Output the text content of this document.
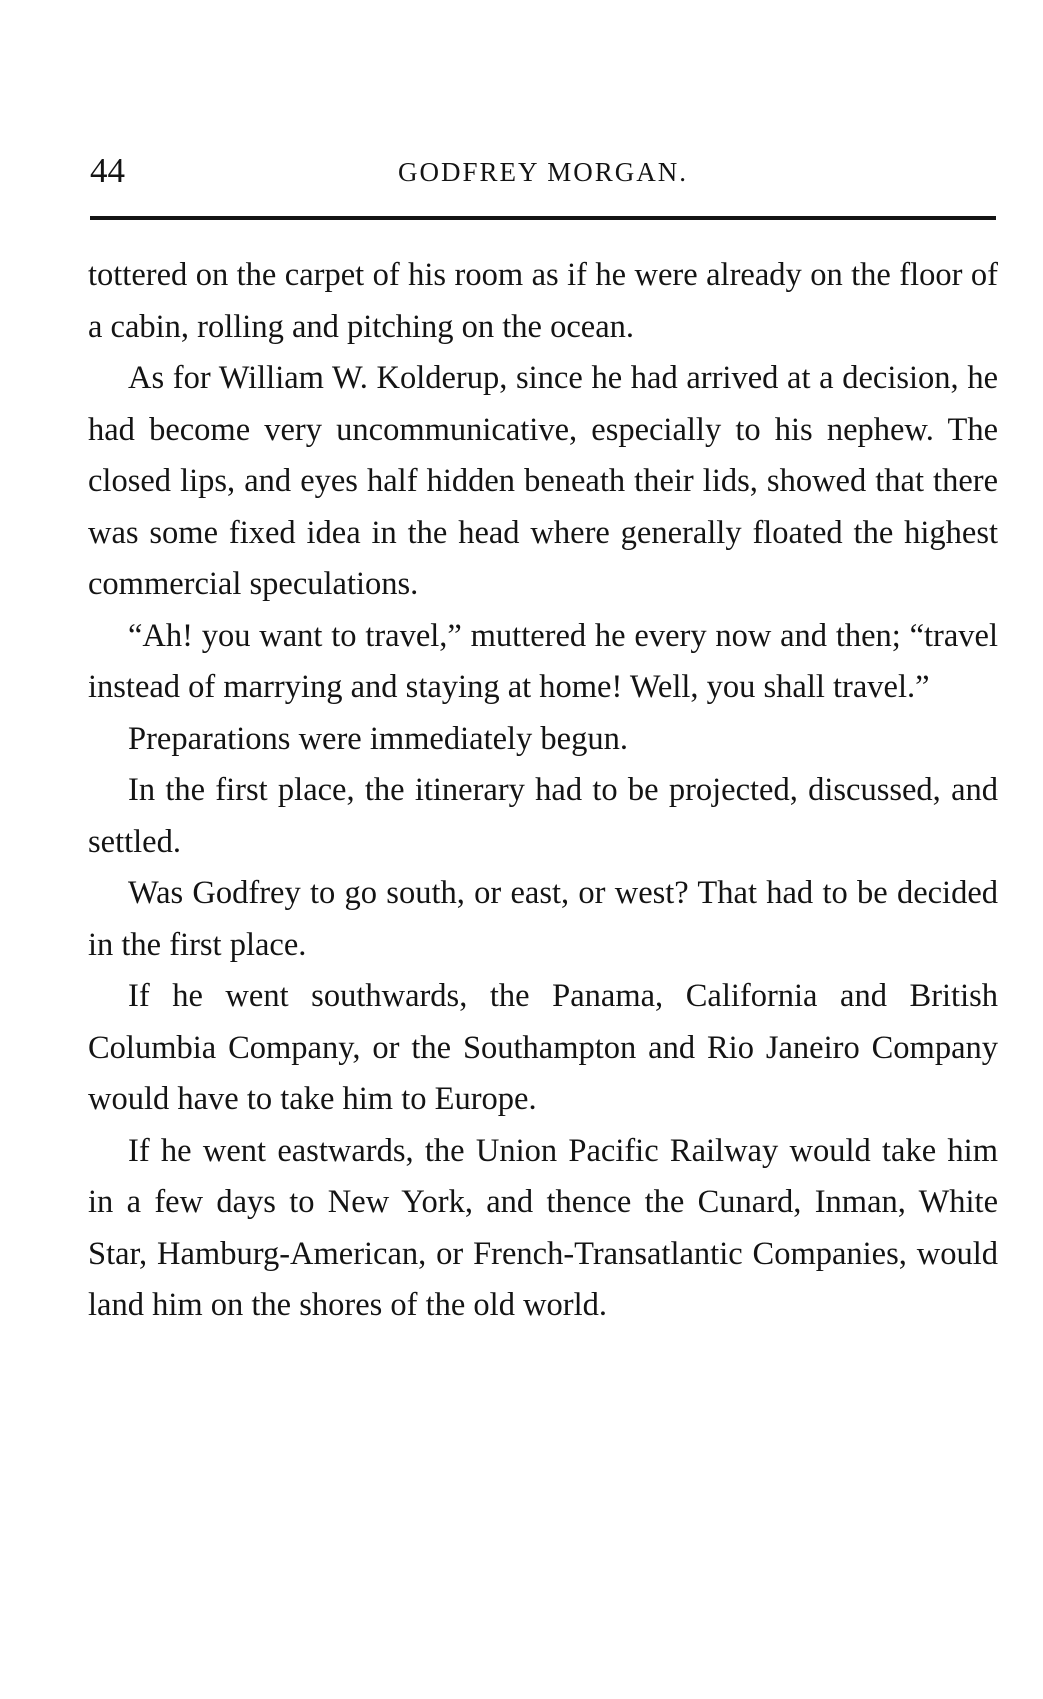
44	GODFREY MORGAN.

tottered on the carpet of his room as if he were already on the floor of a cabin, rolling and pitching on the ocean.

As for William W. Kolderup, since he had arrived at a decision, he had become very uncommunicative, especially to his nephew. The closed lips, and eyes half hidden beneath their lids, showed that there was some fixed idea in the head where generally floated the highest commercial speculations.

“Ah! you want to travel,” muttered he every now and then; “travel instead of marrying and staying at home! Well, you shall travel.”

Preparations were immediately begun.

In the first place, the itinerary had to be projected, discussed, and settled.

Was Godfrey to go south, or east, or west? That had to be decided in the first place.

If he went southwards, the Panama, California and British Columbia Company, or the Southampton and Rio Janeiro Company would have to take him to Europe.

If he went eastwards, the Union Pacific Railway would take him in a few days to New York, and thence the Cunard, Inman, White Star, Hamburg-American, or French-Transatlantic Companies, would land him on the shores of the old world.
